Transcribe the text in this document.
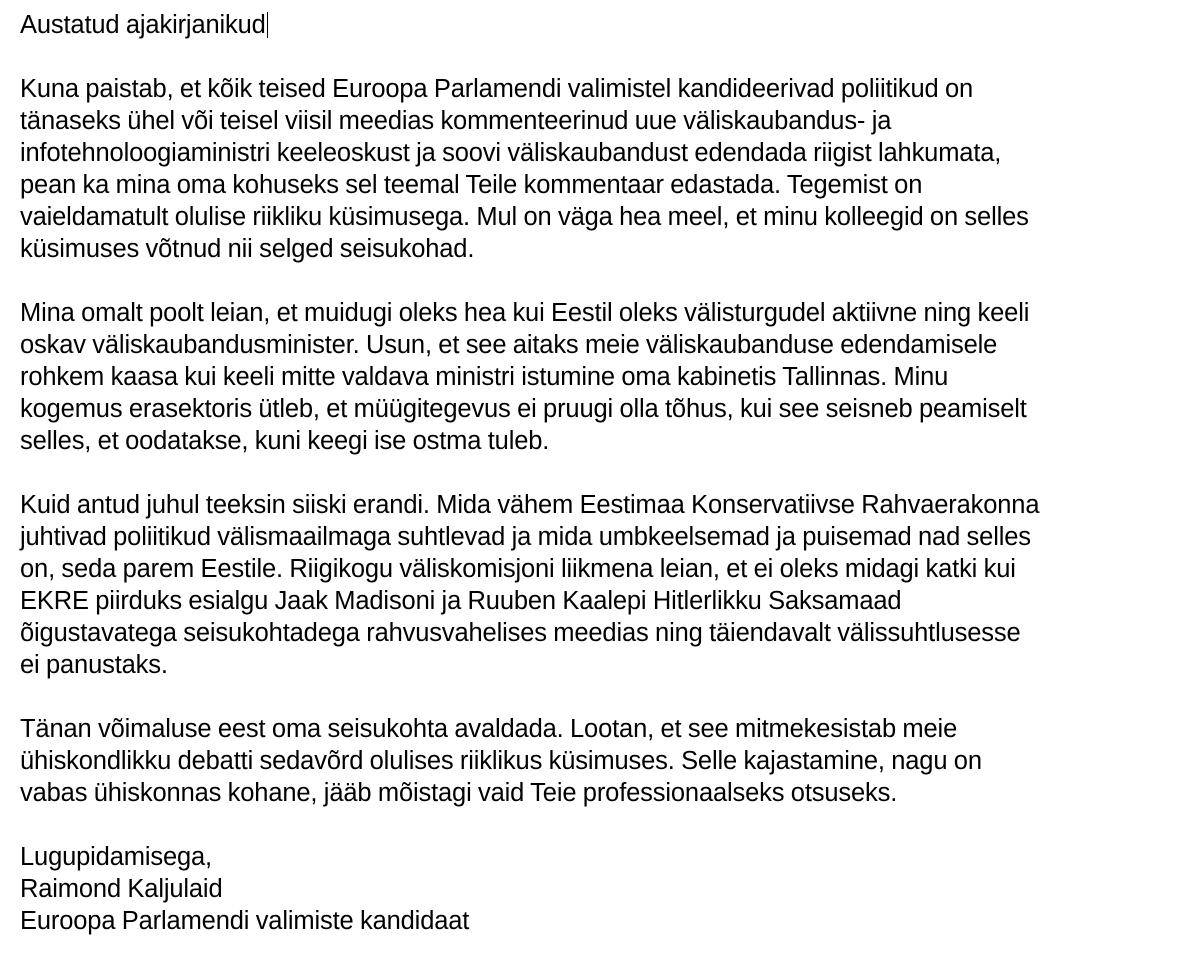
Austatud ajakirjanikud
Kuna paistab, et kõik teised Euroopa Parlamendi valimistel kandideerivad poliitikud on
tänaseks ühel või teisel viisil meedias kommenteerinud uue väliskaubandus- ja
infotehnoloogiaministri keeleoskust ja soovi väliskaubandust edendada riigist lahkumata,
pean ka mina oma kohuseks sel teemal Teile kommentaar edastada. Tegemist on
vaieldamatult olulise riikliku küsimusega. Mul on väga hea meel, et minu kolleegid on selles
küsimuses võtnud nii selged seisukohad.
Mina omalt poolt leian, et muidugi oleks hea kui Eestil oleks välisturgudel aktiivne ning keeli
oskav väliskaubandusminister. Usun, et see aitaks meie väliskaubanduse edendamisele
rohkem kaasa kui keeli mitte valdava ministri istumine oma kabinetis Tallinnas. Minu
kogemus erasektoris ütleb, et müügitegevus ei pruugi olla tõhus, kui see seisneb peamiselt
selles, et oodatakse, kuni keegi ise ostma tuleb.
Kuid antud juhul teeksin siiski erandi. Mida vähem Eestimaa Konservatiivse Rahvaerakonna
juhtivad poliitikud välismaailmaga suhtlevad ja mida umbkeelsemad ja puisemad nad selles
on, seda parem Eestile. Riigikogu väliskomisjoni liikmena leian, et ei oleks midagi katki kui
EKRE piirduks esialgu Jaak Madisoni ja Ruuben Kaalepi Hitlerlikku Saksamaad
õigustavatega seisukohtadega rahvusvahelises meedias ning täiendavalt välissuhtlusesse
ei panustaks.
Tänan võimaluse eest oma seisukohta avaldada. Lootan, et see mitmekesistab meie
ühiskondlikku debatti sedavõrd olulises riiklikus küsimuses. Selle kajastamine, nagu on
vabas ühiskonnas kohane, jääb mõistagi vaid Teie professionaalseks otsuseks.
Lugupidamisega,
Raimond Kaljulaid
Euroopa Parlamendi valimiste kandidaat
